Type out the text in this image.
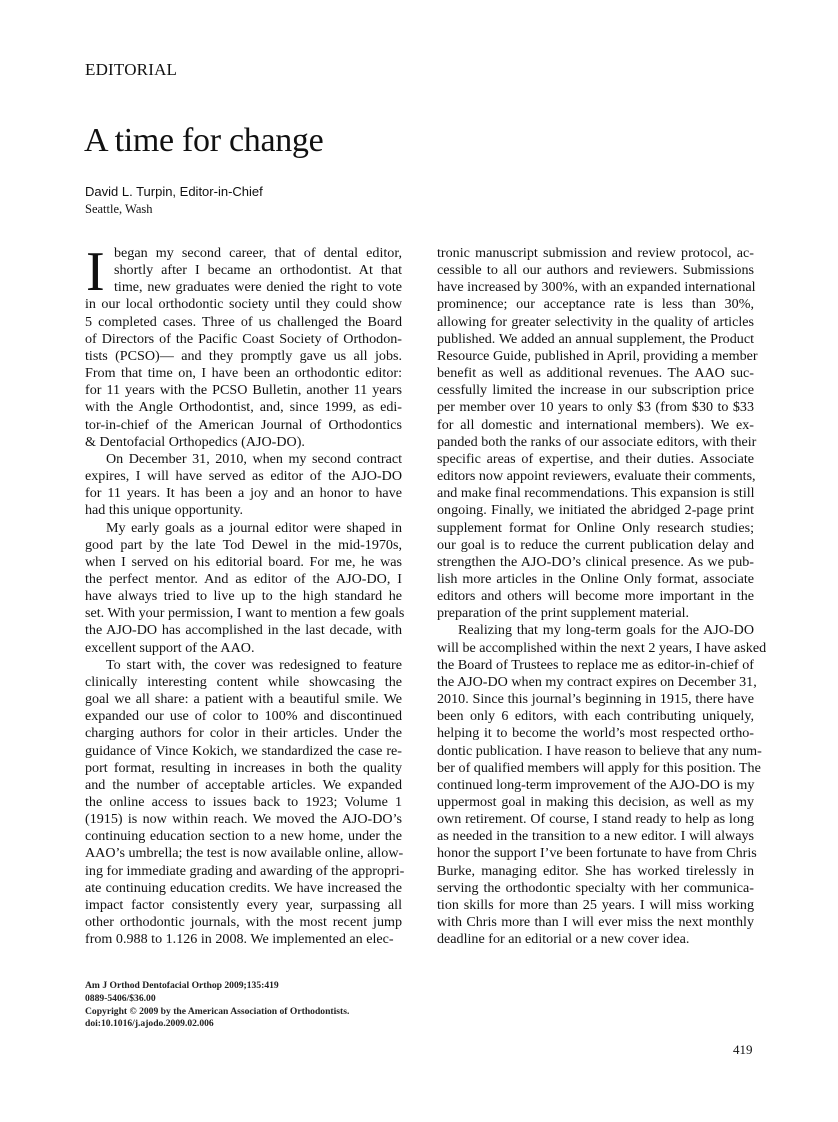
EDITORIAL
A time for change
David L. Turpin, Editor-in-Chief
Seattle, Wash
I began my second career, that of dental editor,
shortly after I became an orthodontist. At that
time, new graduates were denied the right to vote
in our local orthodontic society until they could show
5 completed cases. Three of us challenged the Board
of Directors of the Pacific Coast Society of Orthodon-
tists (PCSO)— and they promptly gave us all jobs.
From that time on, I have been an orthodontic editor:
for 11 years with the PCSO Bulletin, another 11 years
with the Angle Orthodontist, and, since 1999, as edi-
tor-in-chief of the American Journal of Orthodontics
& Dentofacial Orthopedics (AJO-DO).
On December 31, 2010, when my second contract
expires, I will have served as editor of the AJO-DO
for 11 years. It has been a joy and an honor to have
had this unique opportunity.
My early goals as a journal editor were shaped in
good part by the late Tod Dewel in the mid-1970s,
when I served on his editorial board. For me, he was
the perfect mentor. And as editor of the AJO-DO, I
have always tried to live up to the high standard he
set. With your permission, I want to mention a few goals
the AJO-DO has accomplished in the last decade, with
excellent support of the AAO.
To start with, the cover was redesigned to feature
clinically interesting content while showcasing the
goal we all share: a patient with a beautiful smile. We
expanded our use of color to 100% and discontinued
charging authors for color in their articles. Under the
guidance of Vince Kokich, we standardized the case re-
port format, resulting in increases in both the quality
and the number of acceptable articles. We expanded
the online access to issues back to 1923; Volume 1
(1915) is now within reach. We moved the AJO-DO’s
continuing education section to a new home, under the
AAO’s umbrella; the test is now available online, allow-
ing for immediate grading and awarding of the appropri-
ate continuing education credits. We have increased the
impact factor consistently every year, surpassing all
other orthodontic journals, with the most recent jump
from 0.988 to 1.126 in 2008. We implemented an elec-
tronic manuscript submission and review protocol, ac-
cessible to all our authors and reviewers. Submissions
have increased by 300%, with an expanded international
prominence; our acceptance rate is less than 30%,
allowing for greater selectivity in the quality of articles
published. We added an annual supplement, the Product
Resource Guide, published in April, providing a member
benefit as well as additional revenues. The AAO suc-
cessfully limited the increase in our subscription price
per member over 10 years to only $3 (from $30 to $33
for all domestic and international members). We ex-
panded both the ranks of our associate editors, with their
specific areas of expertise, and their duties. Associate
editors now appoint reviewers, evaluate their comments,
and make final recommendations. This expansion is still
ongoing. Finally, we initiated the abridged 2-page print
supplement format for Online Only research studies;
our goal is to reduce the current publication delay and
strengthen the AJO-DO’s clinical presence. As we pub-
lish more articles in the Online Only format, associate
editors and others will become more important in the
preparation of the print supplement material.
Realizing that my long-term goals for the AJO-DO
will be accomplished within the next 2 years, I have asked
the Board of Trustees to replace me as editor-in-chief of
the AJO-DO when my contract expires on December 31,
2010. Since this journal’s beginning in 1915, there have
been only 6 editors, with each contributing uniquely,
helping it to become the world’s most respected ortho-
dontic publication. I have reason to believe that any num-
ber of qualified members will apply for this position. The
continued long-term improvement of the AJO-DO is my
uppermost goal in making this decision, as well as my
own retirement. Of course, I stand ready to help as long
as needed in the transition to a new editor. I will always
honor the support I’ve been fortunate to have from Chris
Burke, managing editor. She has worked tirelessly in
serving the orthodontic specialty with her communica-
tion skills for more than 25 years. I will miss working
with Chris more than I will ever miss the next monthly
deadline for an editorial or a new cover idea.
Am J Orthod Dentofacial Orthop 2009;135:419
0889-5406/$36.00
Copyright © 2009 by the American Association of Orthodontists.
doi:10.1016/j.ajodo.2009.02.006
419
